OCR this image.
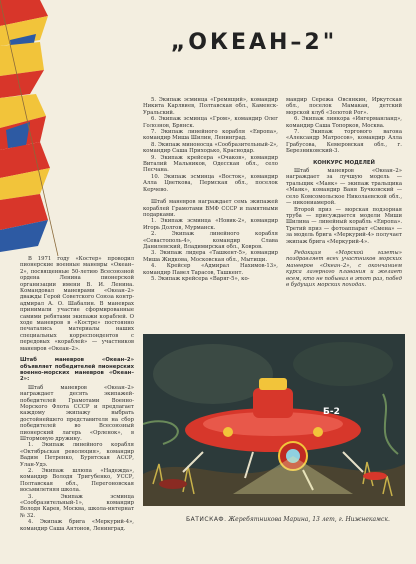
„ОКЕАН–2"

В 1971 году «Костер» проводил пионерские военные маневры «Океан–2», посвященные 50-летию Всесоюзной ордена Ленина пионерской организации имени В. И. Ленина. Командовал маневрами «Океан–2» дважды Герой Советского Союза контр-адмирал А. О. Шабалин. В маневрах принимали участие сформированные самими ребятами экипажи кораблей. О ходе маневров в «Костре» постоянно печатались материалы наших специальных корреспондентов с передовых «кораблей» — участников маневров «Океан–2».

Штаб маневров «Океан–2» объявляет победителей пионерских военно-морских маневров «Океан–2»:

Штаб маневров «Океан–2» награждает десять экипажей-победителей Грамотами Военно-Морского Флота СССР и предлагает каждому экипажу выбрать достойнейшего представителя на сбор победителей во Всесоюзный пионерский лагерь «Орленок», в Штормовую дружину.

1. Экипаж линейного корабля «Октябрьская революция», командир Вадим Петренко, Бурятская АССР, Улан-Удэ.

2. Экипаж шлюпа «Надежда», командир Володя Тригубенко, УССР, Полтавская обл., Перегоновская восьмилетняя школа.

3. Экипаж эсминца «Сообразительный-1», командир Володя Карев, Москва, школа-интернат № 32.

4. Экипаж брига «Меркурий-4», командир Саша Антонов, Ленинград.

5. Экипаж эсминца «Гремящий», командир Никита Карлвиев, Полтавская обл., Каменск-Уральский.

6. Экипаж эсминца «Гром», командир Олег Голознов, Брянск.

7. Экипаж линейного корабля «Европа», командир Миша Шилин, Ленинград.

8. Экипаж миноносца «Сообразительный-2», командир Саша Приходько, Краснодар.

9. Экипаж крейсера «Очаков», командир Виталий Мальников, Одесская обл., село Песчана.

10. Экипаж эсминца «Восток», командир Алла Цветкова, Пермская обл., поселок Керчево.

Штаб маневров награждает семь экипажей кораблей Грамотами ВМФ СССР и памятными подарками.

1. Экипаж эсминца «Новик-2», командир Игорь Долгов, Мурманск.

2. Экипаж линейного корабля «Севастополь-4», командир Слава Данилевский, Владимирская обл., Ковров.

3. Экипаж лидера «Ташкент-5», командир Миша Жидкова, Московская обл., Мытищи.

4. Крейсер «Адмирал Нахимов-13», командир Павел Тарасов, Ташкент.

5. Экипаж крейсера «Варяг-5», ко-

мандир Сережа Овсянкин, Иркутская обл., поселок Мамакан, детский морской клуб «Золотой Рог».

6. Экипаж линкора «Ингерманланд», командир Саша Топорков, Москва.

7. Экипаж торгового вагона «Александр Матросов», командир Алла Грабусова, Кемеровская обл., г. Березниковский-3.

КОНКУРС МОДЕЛЕЙ

Штаб маневров «Океан–2» награждает за лучшую модель — тральщик «Маяк» — экипаж тральщика «Маяк», командир Ваня Бучковский — село Комсомольское Николаевской обл., — никониамерой.

Второй приз — морская подзорная труба — присуждается модели Миши Шилина — линейный корабль «Европа». Третий приз — фотоаппарат «Смена» — за модель брига «Меркурий-4» получает экипаж брига «Меркурий-4».

Редакция «Морской газеты» поздравляет всех участников морских маневров «Океан–2», с окончанием курса лагерного плавания и желает всем, кто не побывал в этот раз, побед в будущих морских походах.

Б-2
БАТИСКАФ. Жеребятникова Марина, 13 лет, г. Нижнекамск.
